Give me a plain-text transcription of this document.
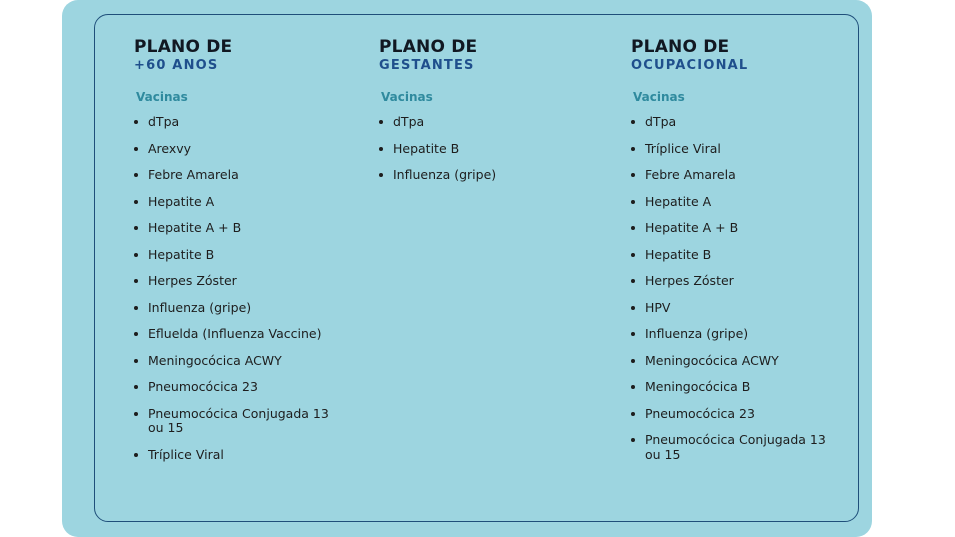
PLANO DE
+60 ANOS
Vacinas
dTpa
Arexvy
Febre Amarela
Hepatite A
Hepatite A + B
Hepatite B
Herpes Zóster
Influenza (gripe)
Efluelda (Influenza Vaccine)
Meningocócica ACWY
Pneumocócica 23
Pneumocócica Conjugada 13 ou 15
Tríplice Viral
PLANO DE
GESTANTES
Vacinas
dTpa
Hepatite B
Influenza (gripe)
PLANO DE
OCUPACIONAL
Vacinas
dTpa
Tríplice Viral
Febre Amarela
Hepatite A
Hepatite A + B
Hepatite B
Herpes Zóster
HPV
Influenza (gripe)
Meningocócica ACWY
Meningocócica B
Pneumocócica 23
Pneumocócica Conjugada 13 ou 15
